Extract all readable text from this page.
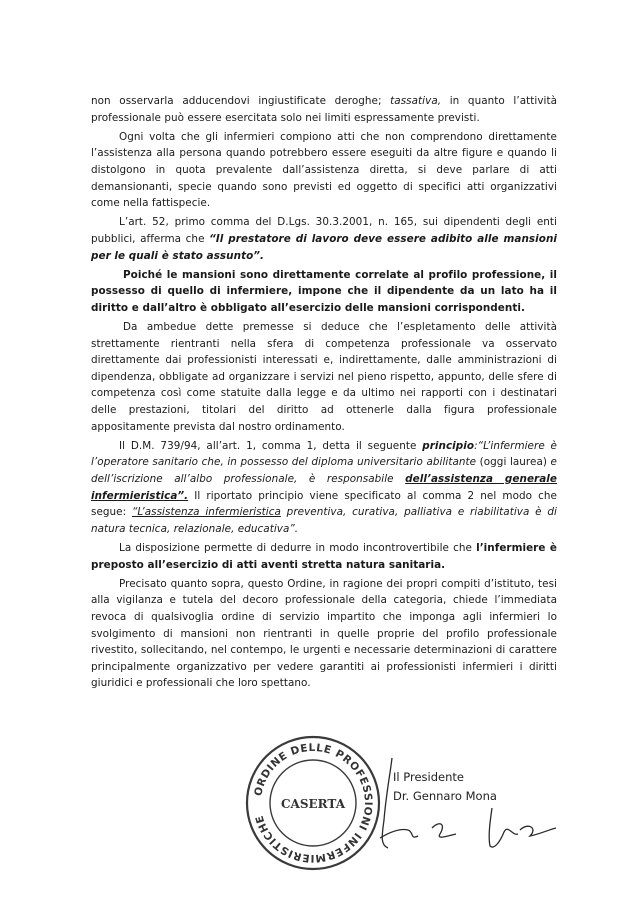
non osservarla adducendovi ingiustificate deroghe; tassativa, in quanto l’attività professionale può essere esercitata solo nei limiti espressamente previsti.

Ogni volta che gli infermieri compiono atti che non comprendono direttamente l’assistenza alla persona quando potrebbero essere eseguiti da altre figure e quando li distolgono in quota prevalente dall’assistenza diretta, si deve parlare di atti demansionanti, specie quando sono previsti ed oggetto di specifici atti organizzativi come nella fattispecie.

L’art. 52, primo comma del D.Lgs. 30.3.2001, n. 165, sui dipendenti degli enti pubblici, afferma che “Il prestatore di lavoro deve essere adibito alle mansioni per le quali è stato assunto”.

Poiché le mansioni sono direttamente correlate al profilo professione, il possesso di quello di infermiere, impone che il dipendente da un lato ha il diritto e dall’altro è obbligato all’esercizio delle mansioni corrispondenti.

Da ambedue dette premesse si deduce che l’espletamento delle attività strettamente rientranti nella sfera di competenza professionale va osservato direttamente dai professionisti interessati e, indirettamente, dalle amministrazioni di dipendenza, obbligate ad organizzare i servizi nel pieno rispetto, appunto, delle sfere di competenza così come statuite dalla legge e da ultimo nei rapporti con i destinatari delle prestazioni, titolari del diritto ad ottenerle dalla figura professionale appositamente prevista dal nostro ordinamento.

Il D.M. 739/94, all’art. 1, comma 1, detta il seguente principio:“L’infermiere è l’operatore sanitario che, in possesso del diploma universitario abilitante (oggi laurea) e dell’iscrizione all’albo professionale, è responsabile dell’assistenza generale infermieristica”. Il riportato principio viene specificato al comma 2 nel modo che segue: “L’assistenza infermieristica preventiva, curativa, palliativa e riabilitativa è di natura tecnica, relazionale, educativa”.

La disposizione permette di dedurre in modo incontrovertibile che l’infermiere è preposto all’esercizio di atti aventi stretta natura sanitaria.

Precisato quanto sopra, questo Ordine, in ragione dei propri compiti d’istituto, tesi alla vigilanza e tutela del decoro professionale della categoria, chiede l’immediata revoca di qualsivoglia ordine di servizio impartito che imponga agli infermieri lo svolgimento di mansioni non rientranti in quelle proprie del profilo professionale rivestito, sollecitando, nel contempo, le urgenti e necessarie determinazioni di carattere principalmente organizzativo per vedere garantiti ai professionisti infermieri i diritti giuridici e professionali che loro spettano.

ORDINE DELLE PROFESSIONI INFERMIERISTICHE
CASERTA
Il Presidente
Dr. Gennaro Mona
